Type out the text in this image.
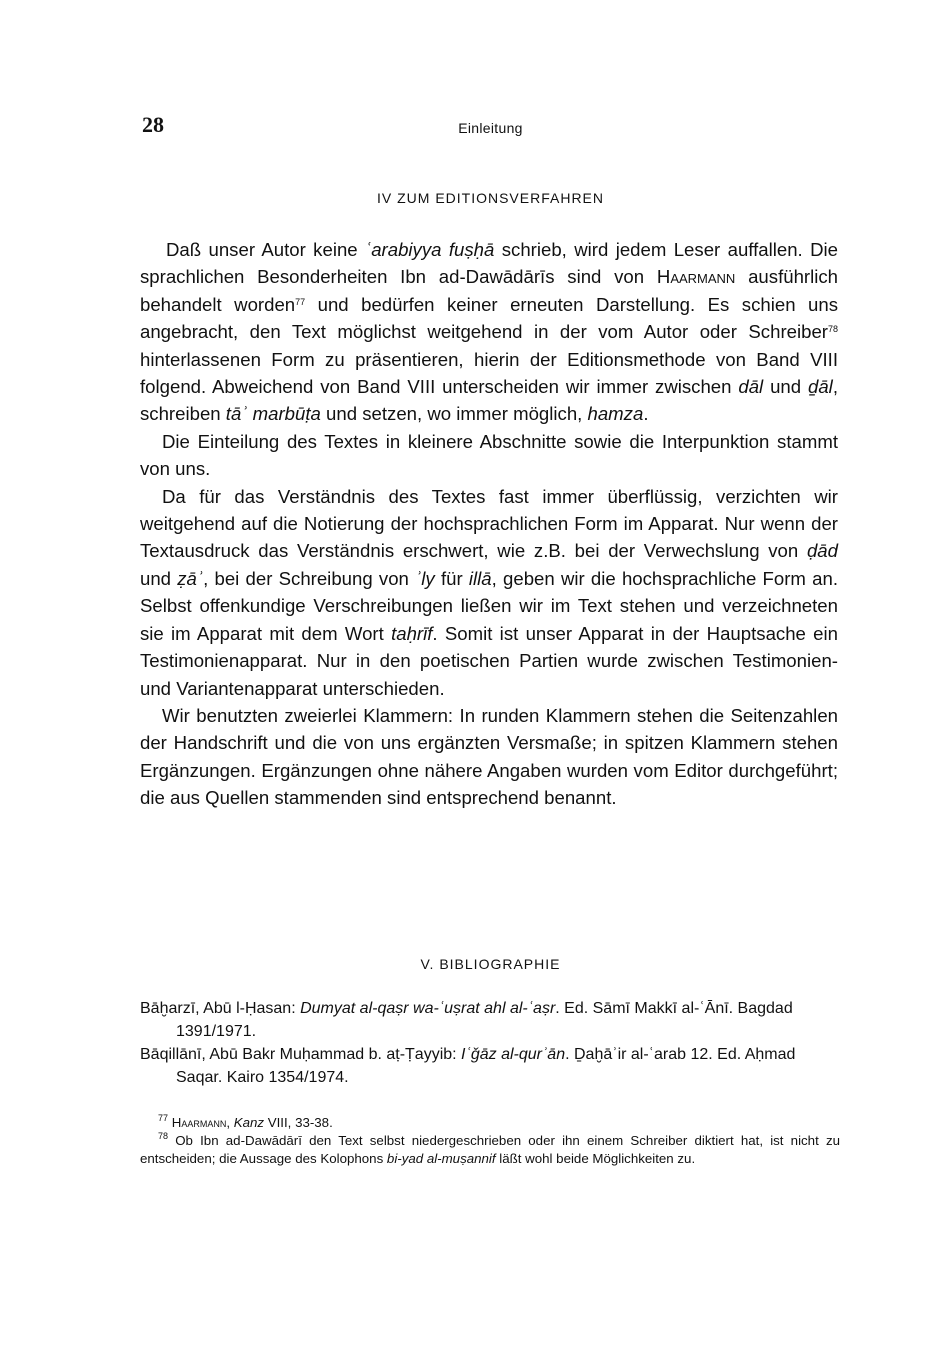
28	Einleitung
IV ZUM EDITIONSVERFAHREN

Daß unser Autor keine ʿarabiyya fuṣḥā schrieb, wird jedem Leser auffallen. Die sprachlichen Besonderheiten Ibn ad-Dawādārīs sind von Haarmann ausführlich behandelt worden$^{77}$ und bedürfen keiner erneuten Darstellung. Es schien uns angebracht, den Text möglichst weitgehend in der vom Autor oder Schreiber$^{78}$ hinterlassenen Form zu präsentieren, hierin der Editionsmethode von Band VIII folgend. Abweichend von Band VIII unterscheiden wir immer zwischen dāl und ḏāl, schreiben tāʾ marbūṭa und setzen, wo immer möglich, hamza.

Die Einteilung des Textes in kleinere Abschnitte sowie die Interpunktion stammt von uns.

Da für das Verständnis des Textes fast immer überflüssig, verzichten wir weitgehend auf die Notierung der hochsprachlichen Form im Apparat. Nur wenn der Textausdruck das Verständnis erschwert, wie z.B. bei der Verwechslung von ḍād und ẓāʾ, bei der Schreibung von ʾly für illā, geben wir die hochsprachliche Form an. Selbst offenkundige Verschreibungen ließen wir im Text stehen und verzeichneten sie im Apparat mit dem Wort taḥrīf. Somit ist unser Apparat in der Hauptsache ein Testimonienapparat. Nur in den poetischen Partien wurde zwischen Testimonien- und Variantenapparat unterschieden.

Wir benutzten zweierlei Klammern: In runden Klammern stehen die Seitenzahlen der Handschrift und die von uns ergänzten Versmaße; in spitzen Klammern stehen Ergänzungen. Ergänzungen ohne nähere Angaben wurden vom Editor durchgeführt; die aus Quellen stammenden sind entsprechend benannt.

V. BIBLIOGRAPHIE

Bāḫarzī, Abū l-Ḥasan: Dumyat al-qaṣr wa-ʿuṣrat ahl al-ʿaṣr. Ed. Sāmī Makkī al-ʿĀnī. Bagdad 1391/1971.

Bāqillānī, Abū Bakr Muḥammad b. aṭ-Ṭayyib: Iʿǧāz al-qurʾān. Ḏaḫāʾir al-ʿarab 12. Ed. Aḥmad Saqar. Kairo 1354/1974.

$^{77}$ Haarmann, Kanz VIII, 33-38.

$^{78}$ Ob Ibn ad-Dawādārī den Text selbst niedergeschrieben oder ihn einem Schreiber diktiert hat, ist nicht zu entscheiden; die Aussage des Kolophons bi-yad al-muṣannif läßt wohl beide Möglichkeiten zu.
